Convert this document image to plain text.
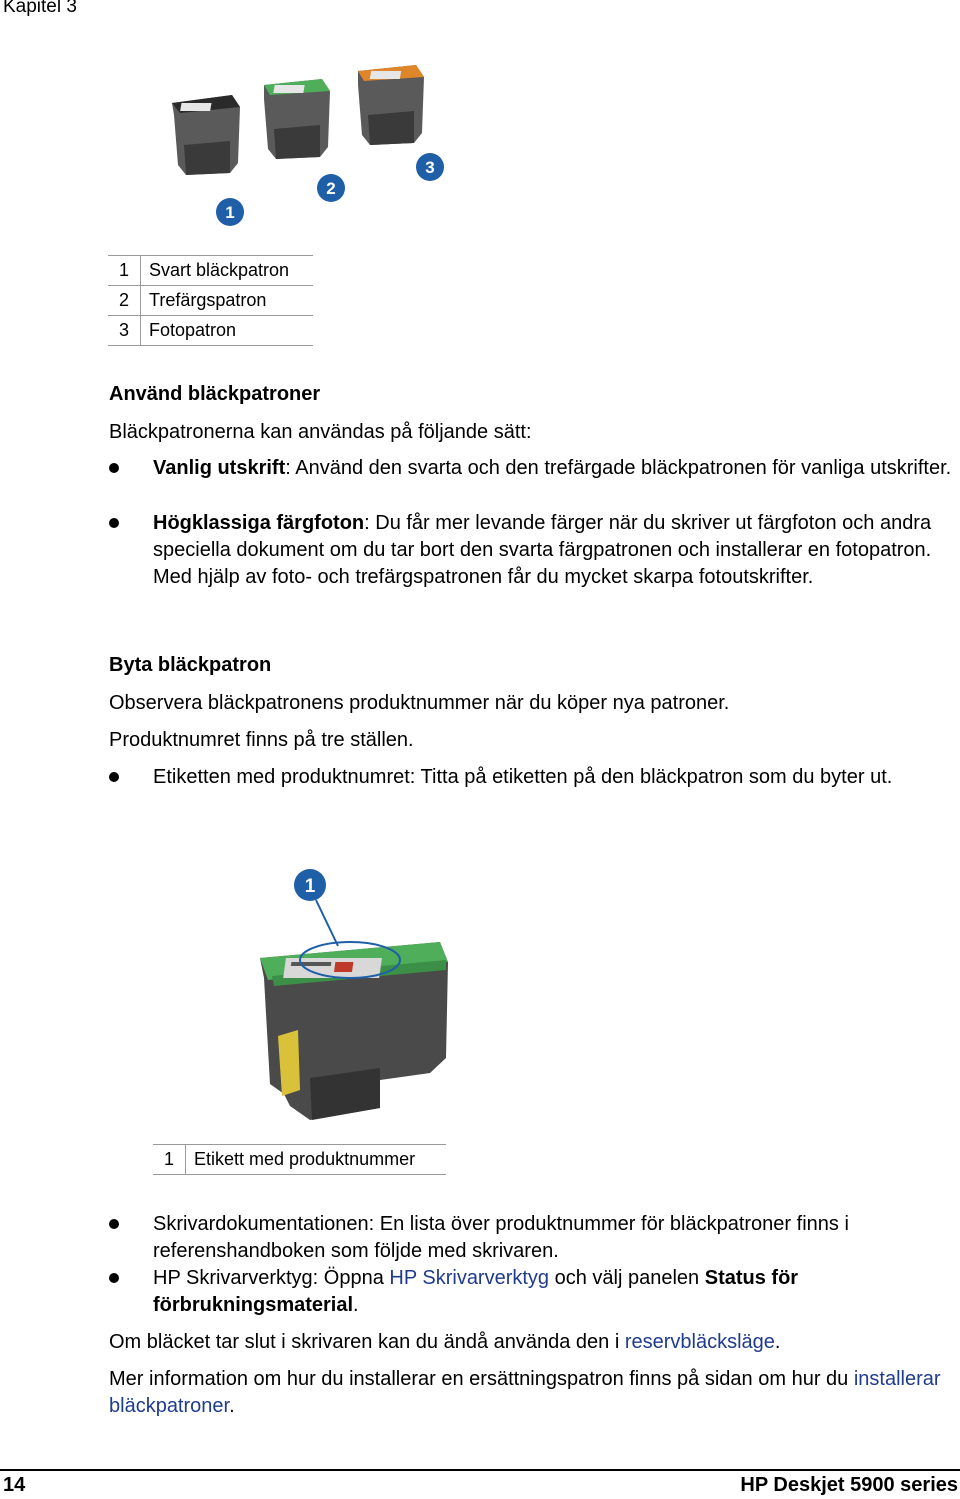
Kapitel 3
1
2
3
1	Svart bläckpatron
2	Trefärgspatron
3	Fotopatron
Använd bläckpatroner
Bläckpatronerna kan användas på följande sätt:
Vanlig utskrift: Använd den svarta och den trefärgade bläckpatronen för vanliga utskrifter.
Högklassiga färgfoton: Du får mer levande färger när du skriver ut färgfoton och andra speciella dokument om du tar bort den svarta färgpatronen och installerar en fotopatron. Med hjälp av foto- och trefärgspatronen får du mycket skarpa fotoutskrifter.
Byta bläckpatron
Observera bläckpatronens produktnummer när du köper nya patroner.
Produktnumret finns på tre ställen.
Etiketten med produktnumret: Titta på etiketten på den bläckpatron som du byter ut.
1
1	Etikett med produktnummer
Skrivardokumentationen: En lista över produktnummer för bläckpatroner finns i referenshandboken som följde med skrivaren.
HP Skrivarverktyg: Öppna HP Skrivarverktyg och välj panelen Status för förbrukningsmaterial.
Om bläcket tar slut i skrivaren kan du ändå använda den i reservbläcksläge.
Mer information om hur du installerar en ersättningspatron finns på sidan om hur du installerar bläckpatroner.
14	HP Deskjet 5900 series
